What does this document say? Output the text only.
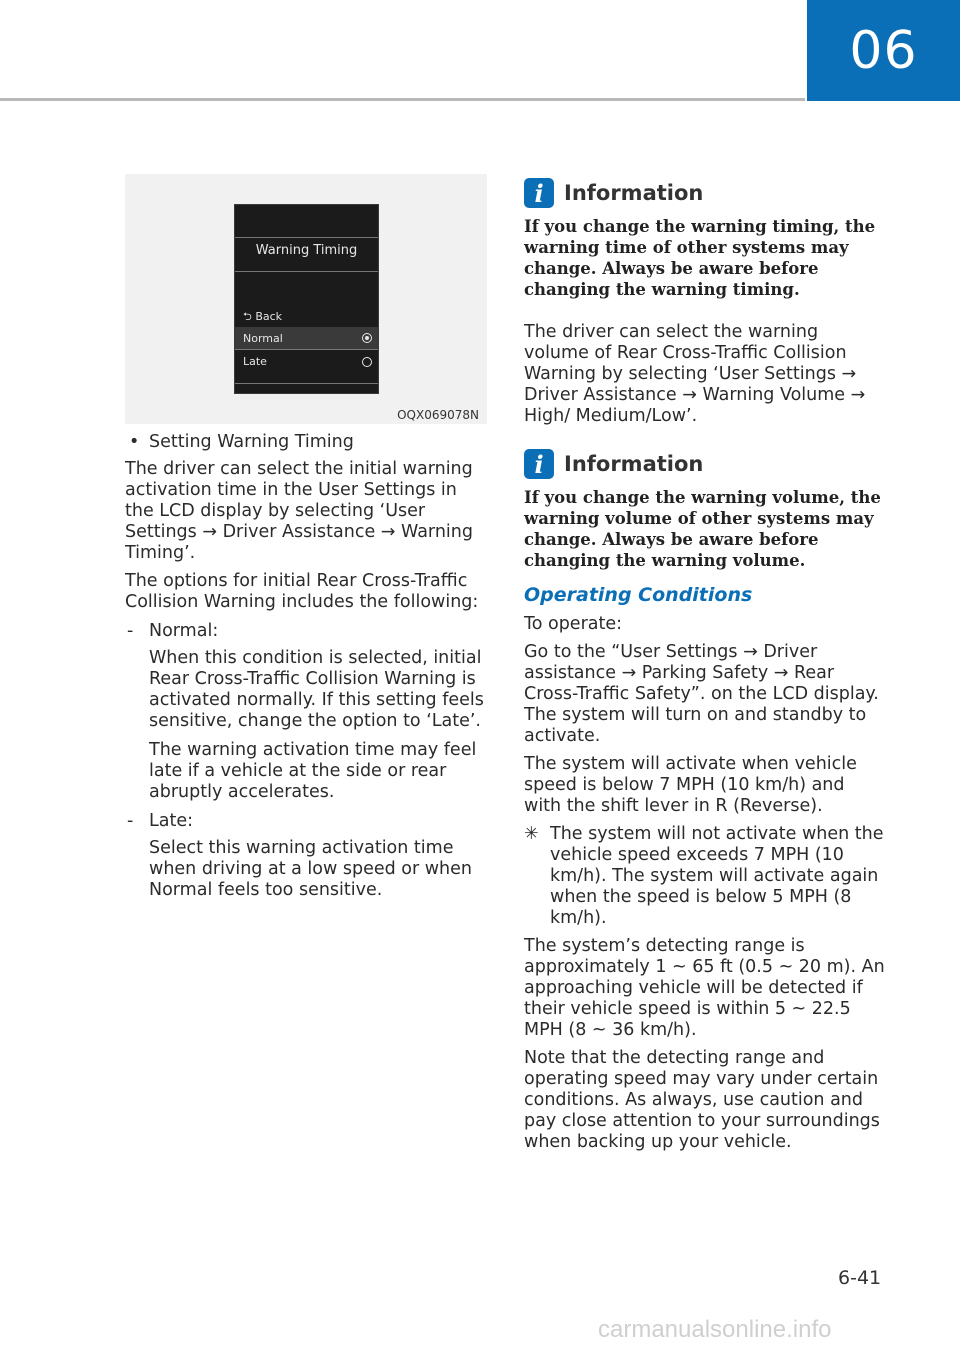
06
Warning Timing
⮌ Back
Normal
Late
OQX069078N

• Setting Warning Timing

The driver can select the initial warning activation time in the User Settings in the LCD display by selecting ‘User Settings → Driver Assistance → Warning Timing’.

The options for initial Rear Cross-Traffic Collision Warning includes the following:

- Normal:

When this condition is selected, initial Rear Cross-Traffic Collision Warning is activated normally. If this setting feels sensitive, change the option to ‘Late’.

The warning activation time may feel late if a vehicle at the side or rear abruptly accelerates.

- Late:

Select this warning activation time when driving at a low speed or when Normal feels too sensitive.

i Information

If you change the warning timing, the warning time of other systems may change. Always be aware before changing the warning timing.

The driver can select the warning volume of Rear Cross-Traffic Collision Warning by selecting ‘User Settings → Driver Assistance → Warning Volume → High/ Medium/Low’.

i Information

If you change the warning volume, the warning volume of other systems may change. Always be aware before changing the warning volume.

Operating Conditions

To operate:

Go to the “User Settings → Driver assistance → Parking Safety → Rear Cross-Traffic Safety”. on the LCD display. The system will turn on and standby to activate.

The system will activate when vehicle speed is below 7 MPH (10 km/h) and with the shift lever in R (Reverse).

✳ The system will not activate when the vehicle speed exceeds 7 MPH (10 km/h). The system will activate again when the speed is below 5 MPH (8 km/h).

The system’s detecting range is approximately 1 ~ 65 ft (0.5 ~ 20 m). An approaching vehicle will be detected if their vehicle speed is within 5 ~ 22.5 MPH (8 ~ 36 km/h).

Note that the detecting range and operating speed may vary under certain conditions. As always, use caution and pay close attention to your surroundings when backing up your vehicle.

6-41
carmanualsonline.info
